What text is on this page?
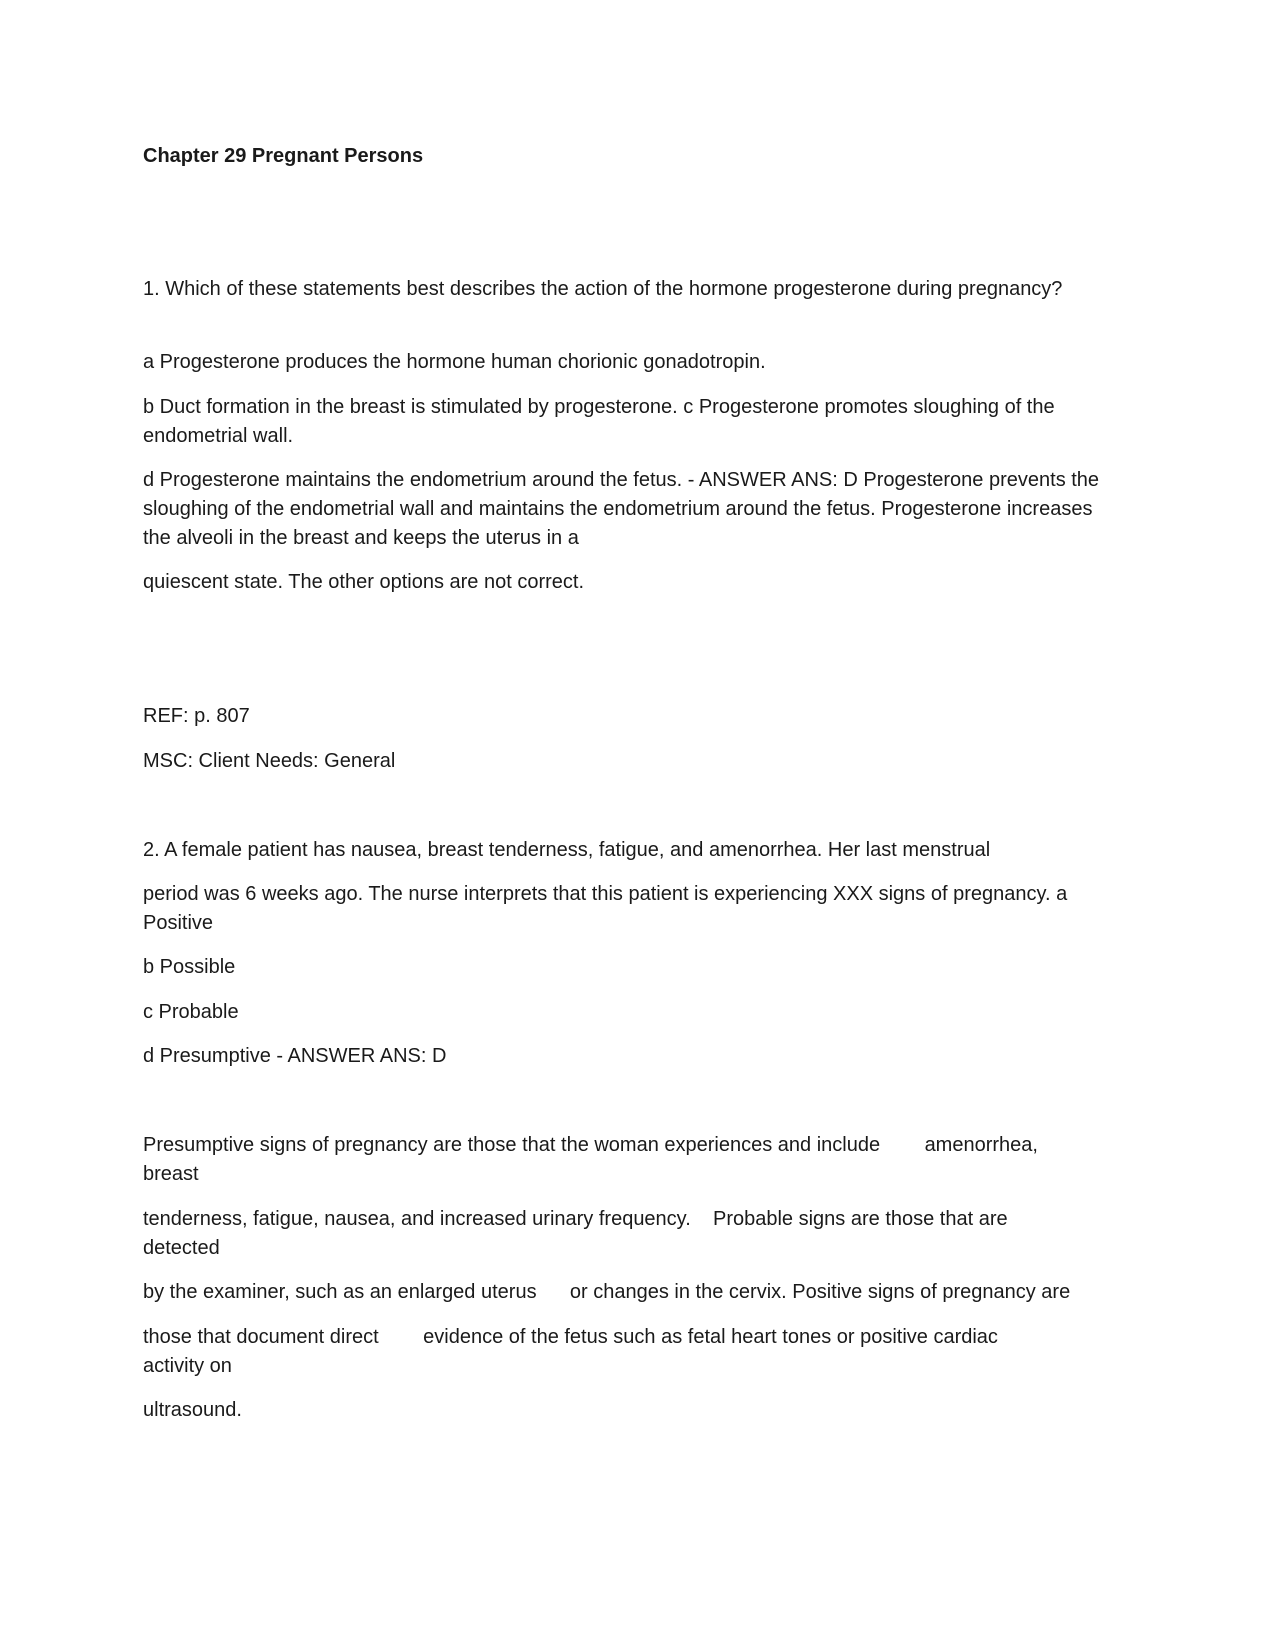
Chapter 29 Pregnant Persons
1. Which of these statements best describes the action of the hormone progesterone during pregnancy?
a Progesterone produces the hormone human chorionic gonadotropin.
b Duct formation in the breast is stimulated by progesterone. c Progesterone promotes sloughing of the endometrial wall.
d Progesterone maintains the endometrium around the fetus. - ANSWER ANS: D Progesterone prevents the sloughing of the endometrial wall and maintains the endometrium around the fetus. Progesterone increases the alveoli in the breast and keeps the uterus in a
quiescent state. The other options are not correct.
REF: p. 807
MSC: Client Needs: General
2. A female patient has nausea, breast tenderness, fatigue, and amenorrhea. Her last menstrual
period was 6 weeks ago. The nurse interprets that this patient is experiencing XXX signs of pregnancy. a Positive
b Possible
c Probable
d Presumptive - ANSWER ANS: D
Presumptive signs of pregnancy are those that the woman experiences and include amenorrhea,
breast
tenderness, fatigue, nausea, and increased urinary frequency. Probable signs are those that are
detected
by the examiner, such as an enlarged uterus or changes in the cervix. Positive signs of pregnancy are
those that document direct evidence of the fetus such as fetal heart tones or positive cardiac
activity on
ultrasound.
